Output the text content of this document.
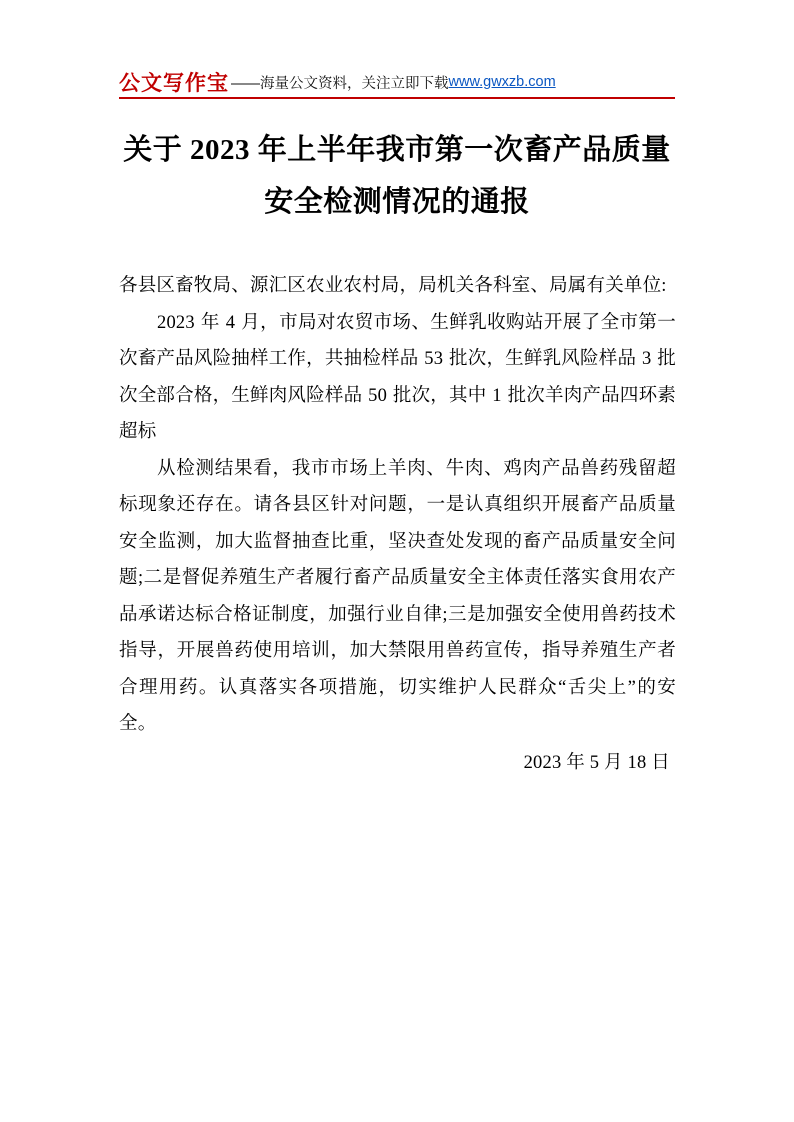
公文写作宝 ——海量公文资料，关注立即下载 www.gwxzb.com
关于 2023 年上半年我市第一次畜产品质量安全检测情况的通报

各县区畜牧局、源汇区农业农村局，局机关各科室、局属有关单位:

2023 年 4 月，市局对农贸市场、生鲜乳收购站开展了全市第一次畜产品风险抽样工作，共抽检样品 53 批次，生鲜乳风险样品 3 批次全部合格，生鲜肉风险样品 50 批次，其中 1 批次羊肉产品四环素超标

从检测结果看，我市市场上羊肉、牛肉、鸡肉产品兽药残留超标现象还存在。请各县区针对问题，一是认真组织开展畜产品质量安全监测，加大监督抽查比重，坚决查处发现的畜产品质量安全问题;二是督促养殖生产者履行畜产品质量安全主体责任落实食用农产品承诺达标合格证制度，加强行业自律;三是加强安全使用兽药技术指导，开展兽药使用培训，加大禁限用兽药宣传，指导养殖生产者合理用药。认真落实各项措施，切实维护人民群众“舌尖上”的安全。

2023 年 5 月 18 日
